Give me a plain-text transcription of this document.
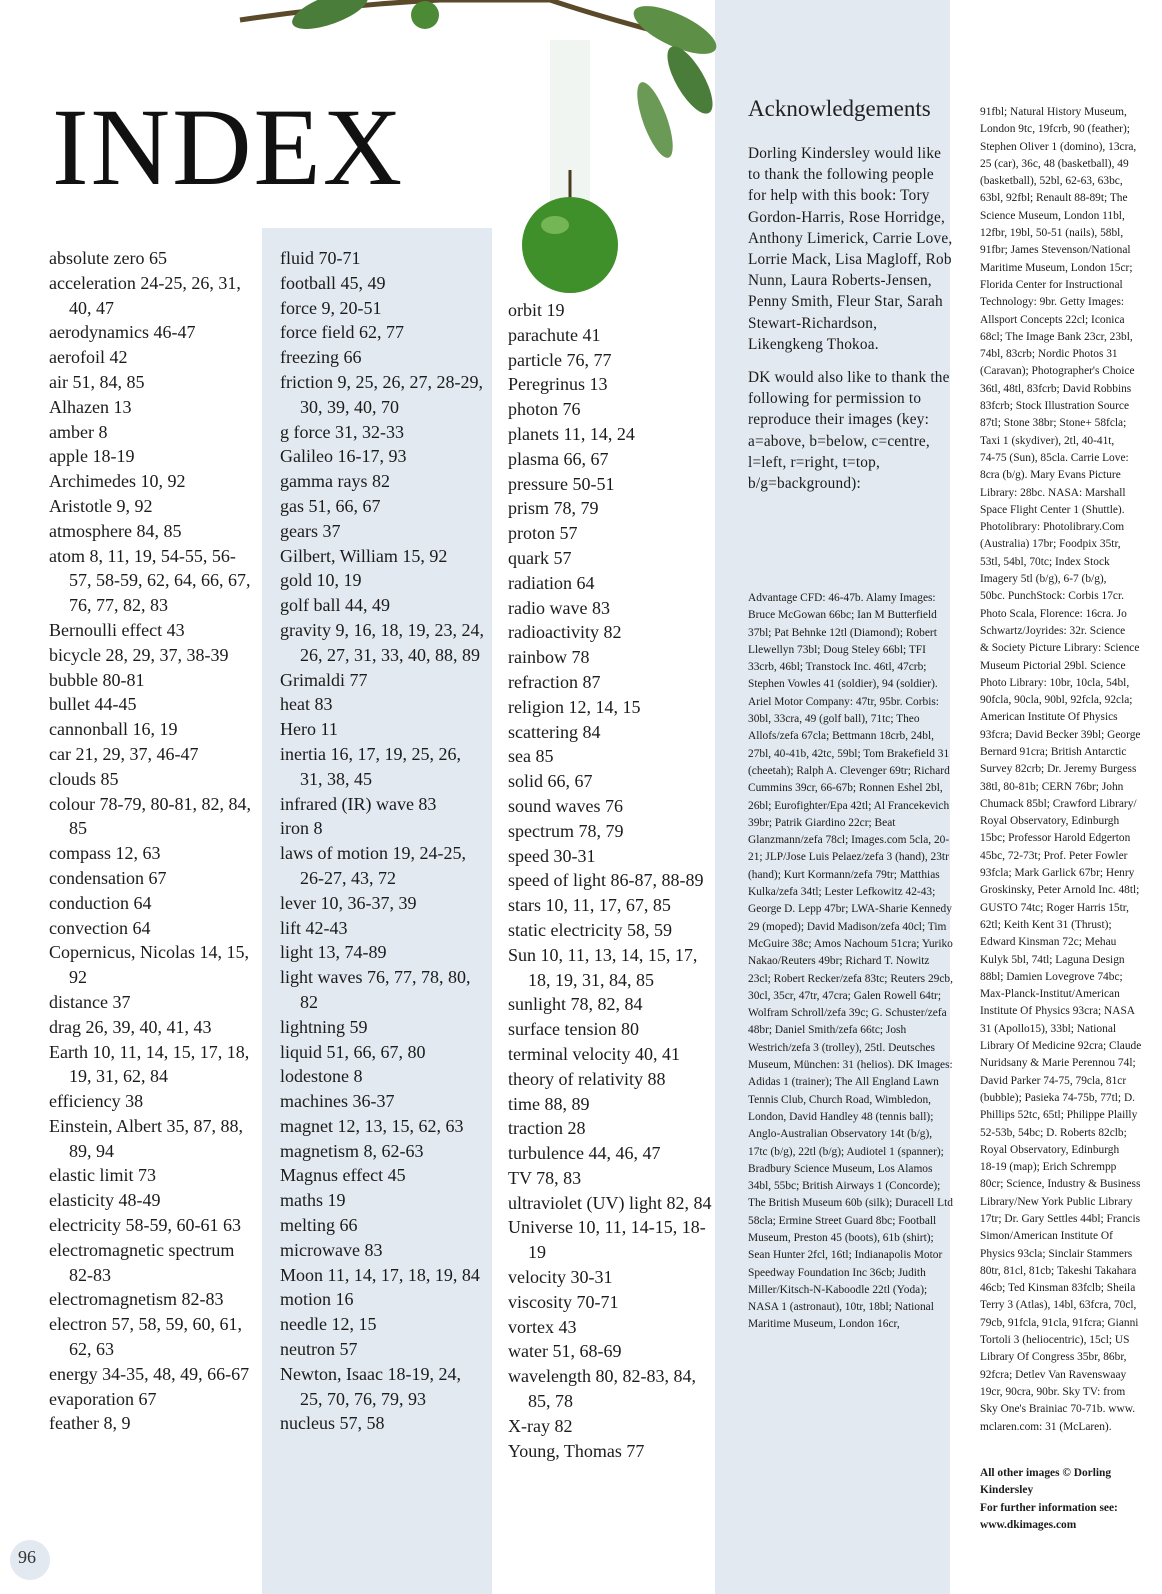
INDEX
absolute zero 65
acceleration 24-25, 26, 31, 40, 47
aerodynamics 46-47
aerofoil 42
air 51, 84, 85
Alhazen 13
amber 8
apple 18-19
Archimedes 10, 92
Aristotle 9, 92
atmosphere 84, 85
atom 8, 11, 19, 54-55, 56-57, 58-59, 62, 64, 66, 67, 76, 77, 82, 83
Bernoulli effect 43
bicycle 28, 29, 37, 38-39
bubble 80-81
bullet 44-45
cannonball 16, 19
car 21, 29, 37, 46-47
clouds 85
colour 78-79, 80-81, 82, 84, 85
compass 12, 63
condensation 67
conduction 64
convection 64
Copernicus, Nicolas 14, 15, 92
distance 37
drag 26, 39, 40, 41, 43
Earth 10, 11, 14, 15, 17, 18, 19, 31, 62, 84
efficiency 38
Einstein, Albert 35, 87, 88, 89, 94
elastic limit 73
elasticity 48-49
electricity 58-59, 60-61 63
electromagnetic spectrum 82-83
electromagnetism 82-83
electron 57, 58, 59, 60, 61, 62, 63
energy 34-35, 48, 49, 66-67
evaporation 67
feather 8, 9
fluid 70-71
football 45, 49
force 9, 20-51
force field 62, 77
freezing 66
friction 9, 25, 26, 27, 28-29, 30, 39, 40, 70
g force 31, 32-33
Galileo 16-17, 93
gamma rays 82
gas 51, 66, 67
gears 37
Gilbert, William 15, 92
gold 10, 19
golf ball 44, 49
gravity 9, 16, 18, 19, 23, 24, 26, 27, 31, 33, 40, 88, 89
Grimaldi 77
heat 83
Hero 11
inertia 16, 17, 19, 25, 26, 31, 38, 45
infrared (IR) wave 83
iron 8
laws of motion 19, 24-25, 26-27, 43, 72
lever 10, 36-37, 39
lift 42-43
light 13, 74-89
light waves 76, 77, 78, 80, 82
lightning 59
liquid 51, 66, 67, 80
lodestone 8
machines 36-37
magnet 12, 13, 15, 62, 63
magnetism 8, 62-63
Magnus effect 45
maths 19
melting 66
microwave 83
Moon 11, 14, 17, 18, 19, 84
motion 16
needle 12, 15
neutron 57
Newton, Isaac 18-19, 24, 25, 70, 76, 79, 93
nucleus 57, 58
orbit 19
parachute 41
particle 76, 77
Peregrinus 13
photon 76
planets 11, 14, 24
plasma 66, 67
pressure 50-51
prism 78, 79
proton 57
quark 57
radiation 64
radio wave 83
radioactivity 82
rainbow 78
refraction 87
religion 12, 14, 15
scattering 84
sea 85
solid 66, 67
sound waves 76
spectrum 78, 79
speed 30-31
speed of light 86-87, 88-89
stars 10, 11, 17, 67, 85
static electricity 58, 59
Sun 10, 11, 13, 14, 15, 17, 18, 19, 31, 84, 85
sunlight 78, 82, 84
surface tension 80
terminal velocity 40, 41
theory of relativity 88
time 88, 89
traction 28
turbulence 44, 46, 47
TV 78, 83
ultraviolet (UV) light 82, 84
Universe 10, 11, 14-15, 18-19
velocity 30-31
viscosity 70-71
vortex 43
water 51, 68-69
wavelength 80, 82-83, 84, 85, 78
X-ray 82
Young, Thomas 77
Acknowledgements

Dorling Kindersley would like to thank the following people for help with this book: Tory Gordon-Harris, Rose Horridge, Anthony Limerick, Carrie Love, Lorrie Mack, Lisa Magloff, Rob Nunn, Laura Roberts-Jensen, Penny Smith, Fleur Star, Sarah Stewart-Richardson, Likengkeng Thokoa.

DK would also like to thank the following for permission to reproduce their images (key: a=above, b=below, c=centre, l=left, r=right, t=top, b/g=background):

Advantage CFD: 46-47b. Alamy Images: Bruce McGowan 66bc; Ian M Butterfield 37bl; Pat Behnke 12tl (Diamond); Robert Llewellyn 73bl; Doug Steley 66bl; TFI 33crb, 46bl; Transtock Inc. 46tl, 47crb; Stephen Vowles 41 (soldier), 94 (soldier). Ariel Motor Company: 47tr, 95br. Corbis: 30bl, 33cra, 49 (golf ball), 71tc; Theo Allofs/zefa 67cla; Bettmann 18crb, 24bl, 27bl, 40-41b, 42tc, 59bl; Tom Brakefield 31 (cheetah); Ralph A. Clevenger 69tr; Richard Cummins 39cr, 66-67b; Ronnen Eshel 2bl, 26bl; Eurofighter/Epa 42tl; Al Francekevich 39br; Patrik Giardino 22cr; Beat Glanzmann/zefa 78cl; Images.com 5cla, 20-21; JLP/Jose Luis Pelaez/zefa 3 (hand), 23tr (hand); Kurt Kormann/zefa 79tr; Matthias Kulka/zefa 34tl; Lester Lefkowitz 42-43; George D. Lepp 47br; LWA-Sharie Kennedy 29 (moped); David Madison/zefa 40cl; Tim McGuire 38c; Amos Nachoum 51cra; Yuriko Nakao/Reuters 49br; Richard T. Nowitz 23cl; Robert Recker/zefa 83tc; Reuters 29cb, 30cl, 35cr, 47tr, 47cra; Galen Rowell 64tr; Wolfram Schroll/zefa 39c; G. Schuster/zefa 48br; Daniel Smith/zefa 66tc; Josh Westrich/zefa 3 (trolley), 25tl. Deutsches Museum, München: 31 (helios). DK Images: Adidas 1 (trainer); The All England Lawn Tennis Club, Church Road, Wimbledon, London, David Handley 48 (tennis ball); Anglo-Australian Observatory 14t (b/g), 17tc (b/g), 22tl (b/g); Audiotel 1 (spanner); Bradbury Science Museum, Los Alamos 34bl, 55bc; British Airways 1 (Concorde); The British Museum 60b (silk); Duracell Ltd 58cla; Ermine Street Guard 8bc; Football Museum, Preston 45 (boots), 61b (shirt); Sean Hunter 2fcl, 16tl; Indianapolis Motor Speedway Foundation Inc 36cb; Judith Miller/Kitsch-N-Kaboodle 22tl (Yoda); NASA 1 (astronaut), 10tr, 18bl; National Maritime Museum, London 16cr,
91fbl; Natural History Museum,
London 9tc, 19fcrb, 90 (feather);
Stephen Oliver 1 (domino), 13cra,
25 (car), 36c, 48 (basketball), 49
(basketball), 52bl, 62-63, 63bc,
63bl, 92fbl; Renault 88-89t; The
Science Museum, London 11bl,
12fbr, 19bl, 50-51 (nails), 58bl,
91fbr; James Stevenson/National
Maritime Museum, London 15cr;
Florida Center for Instructional
Technology: 9br. Getty Images:
Allsport Concepts 22cl; Iconica
68cl; The Image Bank 23cr, 23bl,
74bl, 83crb; Nordic Photos 31
(Caravan); Photographer's Choice
36tl, 48tl, 83fcrb; David Robbins
83fcrb; Stock Illustration Source
87tl; Stone 38br; Stone+ 58fcla;
Taxi 1 (skydiver), 2tl, 40-41t,
74-75 (Sun), 85cla. Carrie Love:
8cra (b/g). Mary Evans Picture
Library: 28bc. NASA: Marshall
Space Flight Center 1 (Shuttle).
Photolibrary: Photolibrary.Com
(Australia) 17br; Foodpix 35tr,
53tl, 54bl, 70tc; Index Stock
Imagery 5tl (b/g), 6-7 (b/g),
50bc. PunchStock: Corbis 17cr.
Photo Scala, Florence: 16cra. Jo
Schwartz/Joyrides: 32r. Science
& Society Picture Library: Science
Museum Pictorial 29bl. Science
Photo Library: 10br, 10cla, 54bl,
90fcla, 90cla, 90bl, 92fcla, 92cla;
American Institute Of Physics
93fcra; David Becker 39bl; George
Bernard 91cra; British Antarctic
Survey 82crb; Dr. Jeremy Burgess
38tl, 80-81b; CERN 76br; John
Chumack 85bl; Crawford Library/
Royal Observatory, Edinburgh
15bc; Professor Harold Edgerton
45bc, 72-73t; Prof. Peter Fowler
93fcla; Mark Garlick 67br; Henry
Groskinsky, Peter Arnold Inc. 48tl;
GUSTO 74tc; Roger Harris 15tr,
62tl; Keith Kent 31 (Thrust);
Edward Kinsman 72c; Mehau
Kulyk 5bl, 74tl; Laguna Design
88bl; Damien Lovegrove 74bc;
Max-Planck-Institut/American
Institute Of Physics 93cra; NASA
31 (Apollo15), 33bl; National
Library Of Medicine 92cra; Claude
Nuridsany & Marie Perennou 74l;
David Parker 74-75, 79cla, 81cr
(bubble); Pasieka 74-75b, 77tl; D.
Phillips 52tc, 65tl; Philippe Plailly
52-53b, 54bc; D. Roberts 82clb;
Royal Observatory, Edinburgh
18-19 (map); Erich Schrempp
80cr; Science, Industry & Business
Library/New York Public Library
17tr; Dr. Gary Settles 44bl; Francis
Simon/American Institute Of
Physics 93cla; Sinclair Stammers
80tr, 81cl, 81cb; Takeshi Takahara
46cb; Ted Kinsman 83fclb; Sheila
Terry 3 (Atlas), 14bl, 63fcra, 70cl,
79cb, 91fcla, 91cla, 91fcra; Gianni
Tortoli 3 (heliocentric), 15cl; US
Library Of Congress 35br, 86br,
92fcra; Detlev Van Ravenswaay
19cr, 90cra, 90br. Sky TV: from
Sky One's Brainiac 70-71b. www.
mclaren.com: 31 (McLaren).
All other images © Dorling
Kindersley
For further information see:
www.dkimages.com
96
